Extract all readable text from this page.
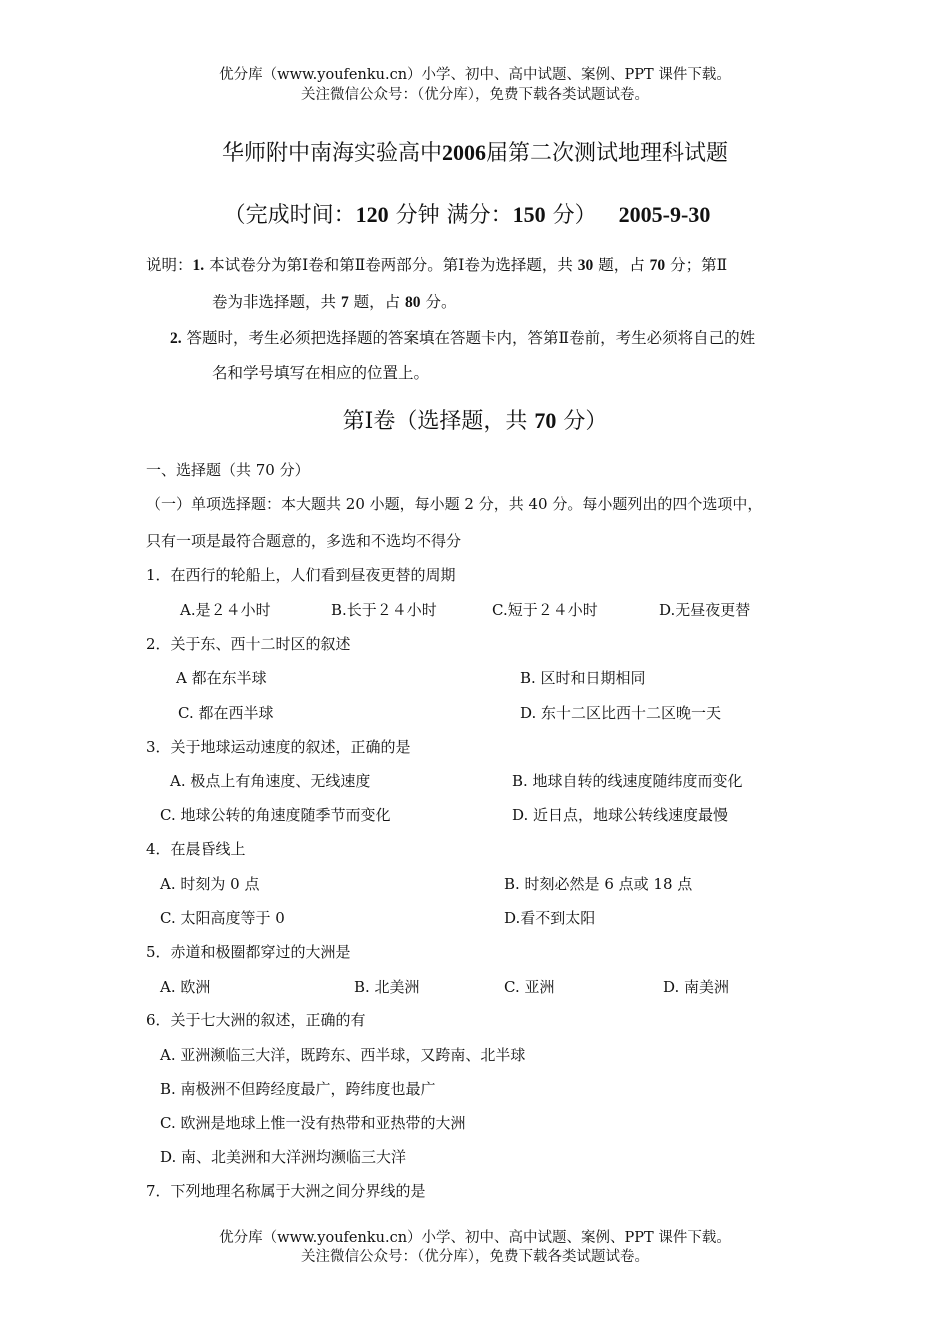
优分库（www.youfenku.cn）小学、初中、高中试题、案例、PPT 课件下载。
关注微信公众号：（优分库），免费下载各类试题试卷。
华师附中南海实验高中2006届第二次测试地理科试题
（完成时间：120 分钟 满分：150 分） 2005-9-30
说明：1. 本试卷分为第Ⅰ卷和第Ⅱ卷两部分。第Ⅰ卷为选择题，共 30 题，占 70 分；第Ⅱ
卷为非选择题，共 7 题，占 80 分。
2. 答题时，考生必须把选择题的答案填在答题卡内，答第Ⅱ卷前，考生必须将自己的姓
名和学号填写在相应的位置上。
第Ⅰ卷（选择题，共 70 分）
一、选择题（共 70 分）
（一）单项选择题：本大题共 20 小题，每小题 2 分，共 40 分。每小题列出的四个选项中，
只有一项是最符合题意的，多选和不选均不得分
1．在西行的轮船上，人们看到昼夜更替的周期
A.是２４小时	B.长于２４小时	C.短于２４小时	D.无昼夜更替
2．关于东、西十二时区的叙述
A 都在东半球	B. 区时和日期相同
C. 都在西半球	D. 东十二区比西十二区晚一天
3．关于地球运动速度的叙述，正确的是
A. 极点上有角速度、无线速度	B. 地球自转的线速度随纬度而变化
C. 地球公转的角速度随季节而变化	D. 近日点，地球公转线速度最慢
4．在晨昏线上
A. 时刻为 0 点	B. 时刻必然是 6 点或 18 点
C. 太阳高度等于 0	D.看不到太阳
5．赤道和极圈都穿过的大洲是
A. 欧洲	B. 北美洲	C. 亚洲	D. 南美洲
6．关于七大洲的叙述，正确的有
A. 亚洲濒临三大洋，既跨东、西半球，又跨南、北半球
B. 南极洲不但跨经度最广，跨纬度也最广
C. 欧洲是地球上惟一没有热带和亚热带的大洲
D. 南、北美洲和大洋洲均濒临三大洋
7．下列地理名称属于大洲之间分界线的是
优分库（www.youfenku.cn）小学、初中、高中试题、案例、PPT 课件下载。
关注微信公众号：（优分库），免费下载各类试题试卷。
